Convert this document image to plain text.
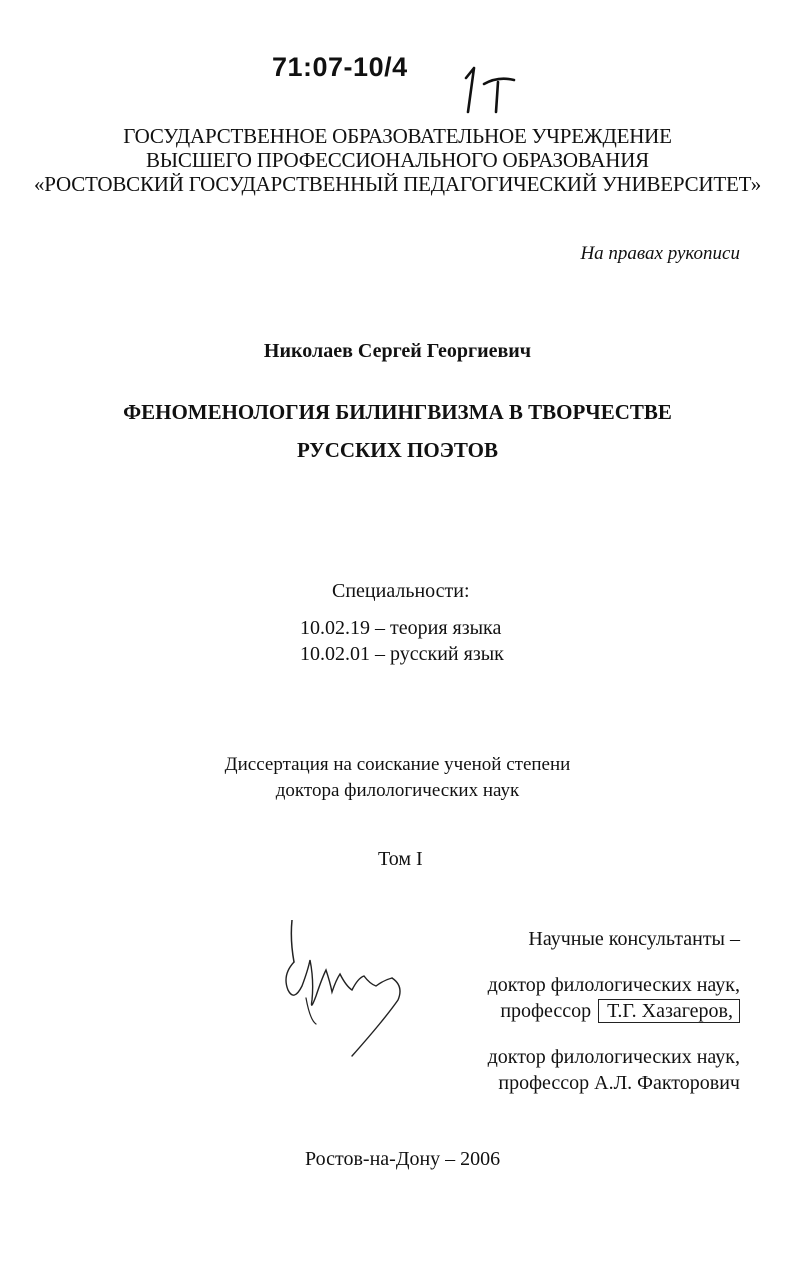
71:07-10/4
ГОСУДАРСТВЕННОЕ ОБРАЗОВАТЕЛЬНОЕ УЧРЕЖДЕНИЕ
ВЫСШЕГО ПРОФЕССИОНАЛЬНОГО ОБРАЗОВАНИЯ
«РОСТОВСКИЙ ГОСУДАРСТВЕННЫЙ ПЕДАГОГИЧЕСКИЙ УНИВЕРСИТЕТ»
На правах рукописи
Николаев Сергей Георгиевич
ФЕНОМЕНОЛОГИЯ БИЛИНГВИЗМА В ТВОРЧЕСТВЕ
РУССКИХ ПОЭТОВ
Специальности:
10.02.19 – теория языка
10.02.01 – русский язык
Диссертация на соискание ученой степени
доктора филологических наук
Том I
Научные консультанты –
доктор филологических наук,
профессор Т.Г. Хазагеров,
доктор филологических наук,
профессор А.Л. Факторович
Ростов-на-Дону – 2006
